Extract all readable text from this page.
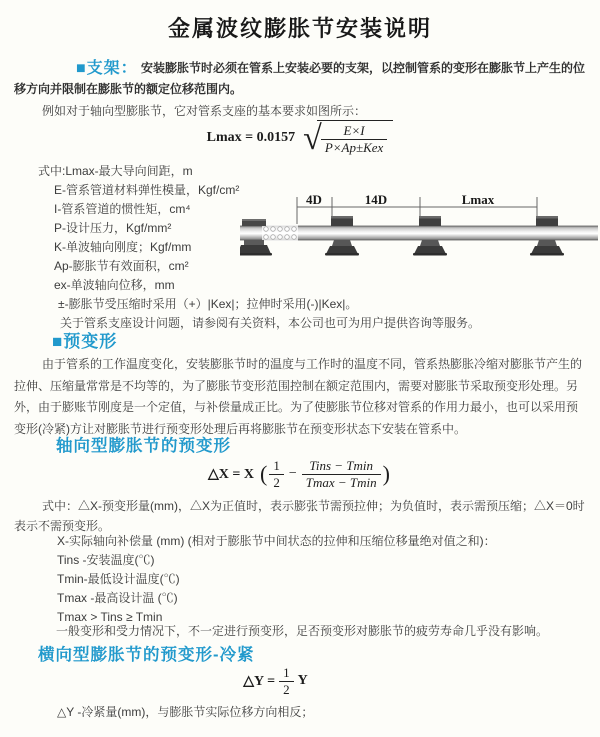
金属波纹膨胀节安装说明

■支架： 安装膨胀节时必须在管系上安装必要的支架，以控制管系的变形在膨胀节上产生的位移方向并限制在膨胀节的额定位移范围内。

例如对于轴向型膨胀节，它对管系支座的基本要求如图所示：

Lmax = 0.0157 √ $\frac{E\times I}{\text{P×Ap±Kex}}$
式中:Lmax-最大导向间距，m
E-管系管道材料弹性模量，Kgf/cm²
I-管系管道的惯性矩，cm⁴
P-设计压力，Kgf/mm²
K-单波轴向刚度；Kgf/mm
Ap-膨胀节有效面积，cm²
ex-单波轴向位移，mm
±-膨胀节受压缩时采用（+）|Kex|；拉伸时采用(-)|Kex|。
关于管系支座设计问题，请参阅有关资料，本公司也可为用户提供咨询等服务。
4D	14D	Lmax
■预变形

由于管系的工作温度变化，安装膨胀节时的温度与工作时的温度不同，管系热膨胀冷缩对膨胀节产生的拉伸、压缩量常常是不均等的，为了膨胀节变形范围控制在额定范围内，需要对膨胀节采取预变形处理。另外，由于膨账节刚度是一个定值，与补偿量成正比。为了使膨胀节位移对管系的作用力最小，也可以采用预变形(冷紧)方让对膨胀节进行预变形处理后再将膨胀节在预变形状态下安装在管系中。

轴向型膨胀节的预变形
△X = X ( $\frac{1}{2} - \frac{\text{Tins − Tmin}}{Tmax - Tmin}$ )

式中：△X-预变形量(mm)，△X为正值时，表示膨张节需预拉伸；为负值时，表示需预压缩；△X＝0时表示不需预变形。

X-实际轴向补偿量 (mm) (相对于膨胀节中间状态的拉伸和压缩位移量绝对值之和)：
Tins -安装温度(℃)
Tmin-最低设计温度(℃)
Tmax -最高设计温 (℃)
Tmax > Tins ≥ Tmin

一般变形和受力情况下，不一定进行预变形，足否预变形对膨胀节的疲劳寿命几乎没有影响。

横向型膨胀节的预变形-冷紧
△Y = $\frac{1}{2}$ Y
△Y -冷紧量(mm)，与膨胀节实际位移方向相反；
